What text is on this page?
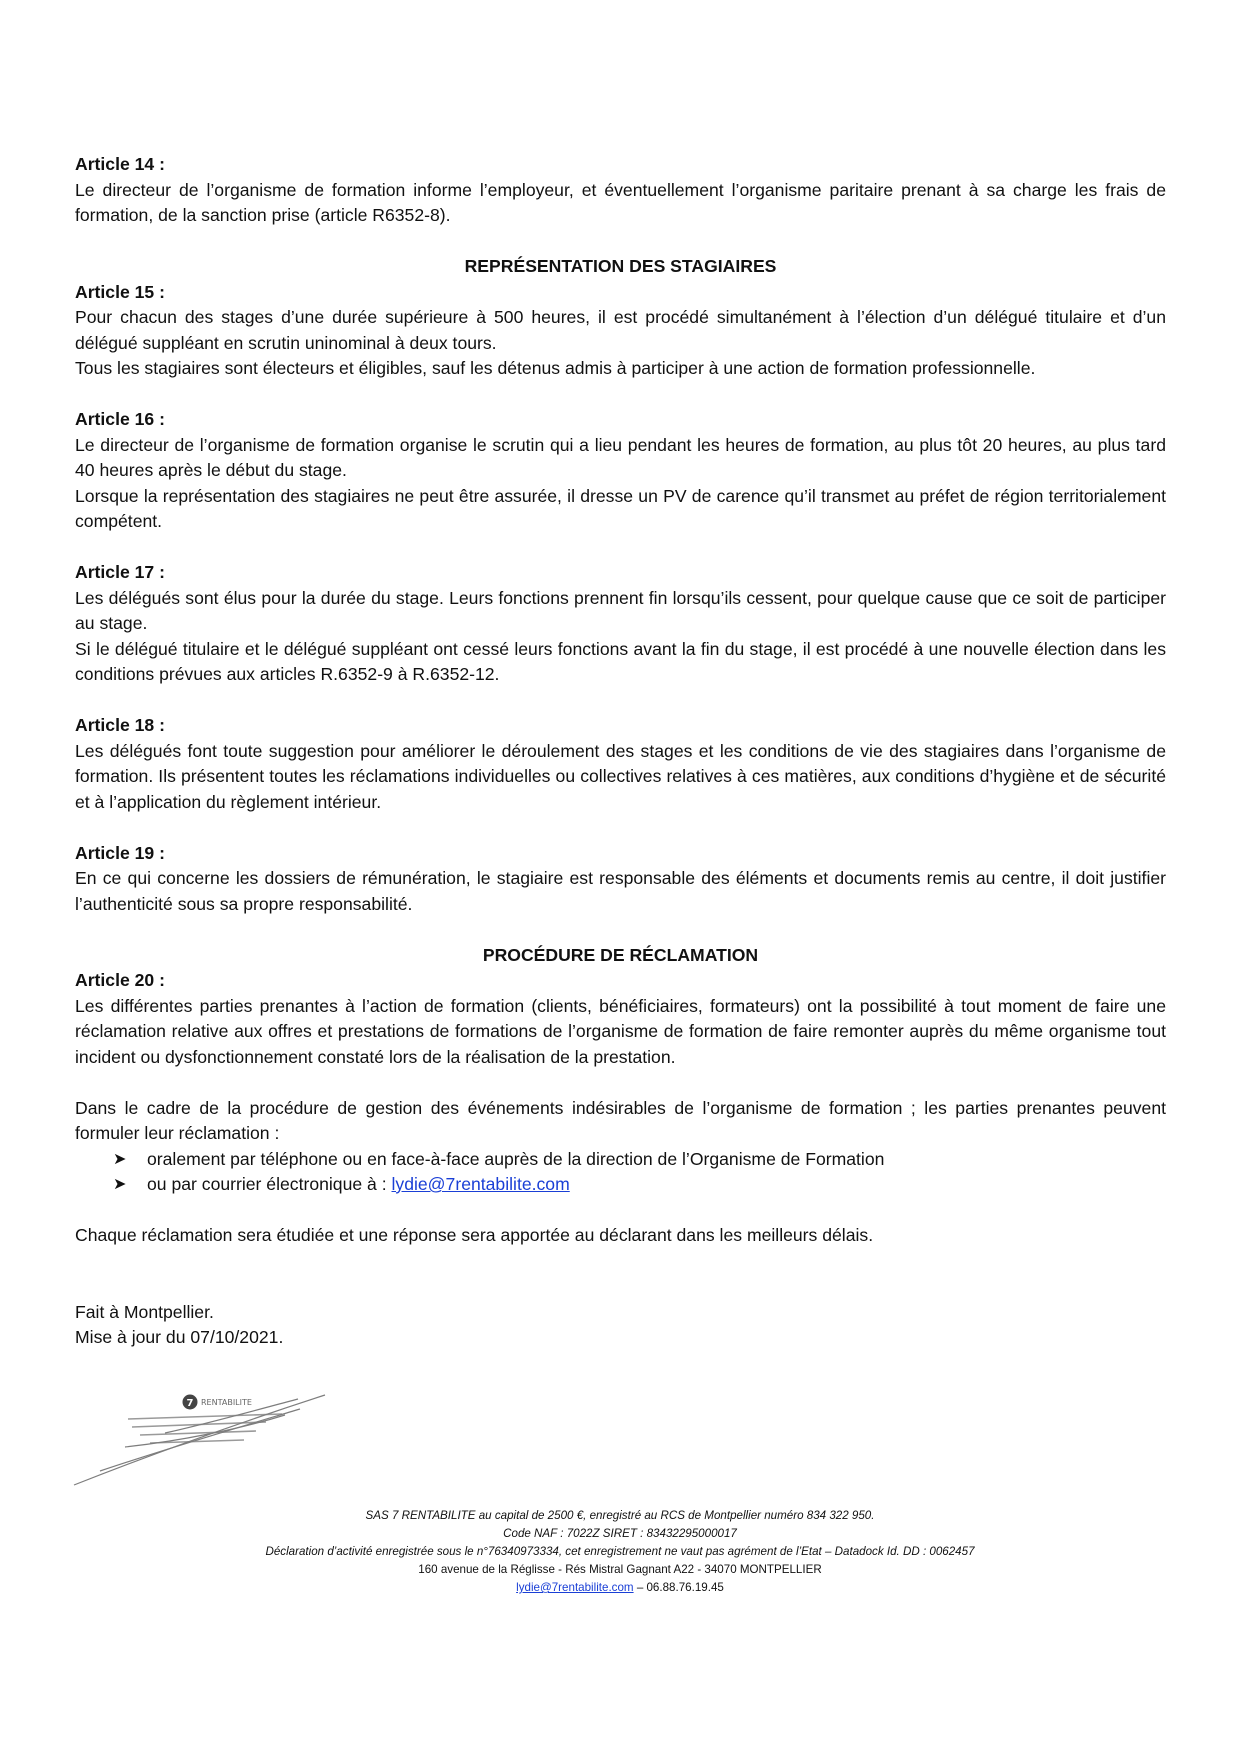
Article 14 :

Le directeur de l’organisme de formation informe l’employeur, et éventuellement l’organisme paritaire prenant à sa charge les frais de formation, de la sanction prise (article R6352-8).

REPRÉSENTATION DES STAGIAIRES

Article 15 :

Pour chacun des stages d’une durée supérieure à 500 heures, il est procédé simultanément à l’élection d’un délégué titulaire et d’un délégué suppléant en scrutin uninominal à deux tours.

Tous les stagiaires sont électeurs et éligibles, sauf les détenus admis à participer à une action de formation professionnelle.

Article 16 :

Le directeur de l’organisme de formation organise le scrutin qui a lieu pendant les heures de formation, au plus tôt 20 heures, au plus tard 40 heures après le début du stage.

Lorsque la représentation des stagiaires ne peut être assurée, il dresse un PV de carence qu’il transmet au préfet de région territorialement compétent.

Article 17 :

Les délégués sont élus pour la durée du stage. Leurs fonctions prennent fin lorsqu’ils cessent, pour quelque cause que ce soit de participer au stage.

Si le délégué titulaire et le délégué suppléant ont cessé leurs fonctions avant la fin du stage, il est procédé à une nouvelle élection dans les conditions prévues aux articles R.6352-9 à R.6352-12.

Article 18 :

Les délégués font toute suggestion pour améliorer le déroulement des stages et les conditions de vie des stagiaires dans l’organisme de formation. Ils présentent toutes les réclamations individuelles ou collectives relatives à ces matières, aux conditions d’hygiène et de sécurité et à l’application du règlement intérieur.

Article 19 :

En ce qui concerne les dossiers de rémunération, le stagiaire est responsable des éléments et documents remis au centre, il doit justifier l’authenticité sous sa propre responsabilité.

PROCÉDURE DE RÉCLAMATION

Article 20 :

Les différentes parties prenantes à l’action de formation (clients, bénéficiaires, formateurs) ont la possibilité à tout moment de faire une réclamation relative aux offres et prestations de formations de l’organisme de formation de faire remonter auprès du même organisme tout incident ou dysfonctionnement constaté lors de la réalisation de la prestation.

Dans le cadre de la procédure de gestion des événements indésirables de l’organisme de formation ; les parties prenantes peuvent formuler leur réclamation :

➤ oralement par téléphone ou en face-à-face auprès de la direction de l’Organisme de Formation
➤ ou par courrier électronique à : lydie@7rentabilite.com

Chaque réclamation sera étudiée et une réponse sera apportée au déclarant dans les meilleurs délais.

Fait à Montpellier.

Mise à jour du 07/10/2021.

7 RENTABILITE
SAS 7 RENTABILITE au capital de 2500 €, enregistré au RCS de Montpellier numéro 834 322 950.
Code NAF : 7022Z SIRET : 83432295000017
Déclaration d’activité enregistrée sous le n°76340973334, cet enregistrement ne vaut pas agrément de l’Etat – Datadock Id. DD : 0062457
160 avenue de la Réglisse - Rés Mistral Gagnant A22 - 34070 MONTPELLIER
lydie@7rentabilite.com – 06.88.76.19.45
